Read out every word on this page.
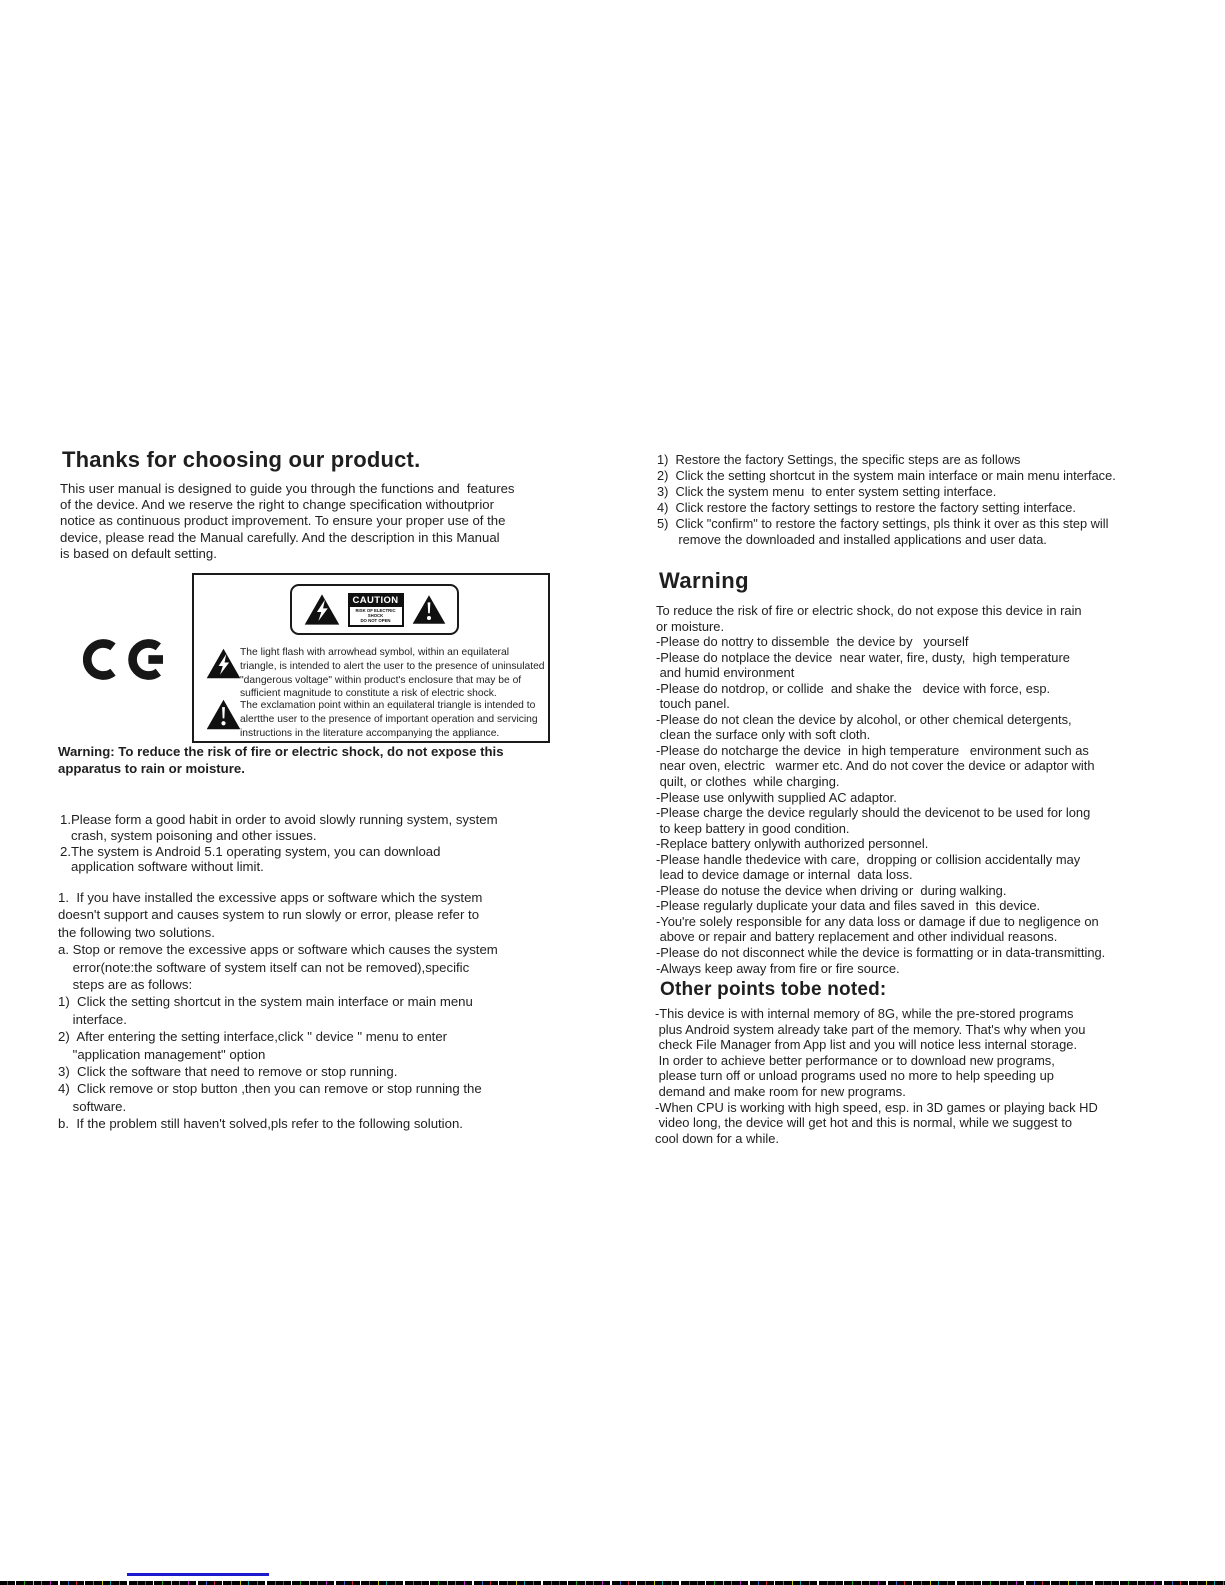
Thanks for choosing our product.
This user manual is designed to guide you through the functions and  features
of the device. And we reserve the right to change specification withoutprior
notice as continuous product improvement. To ensure your proper use of the
device, please read the Manual carefully. And the description in this Manual
is based on default setting.
CAUTION
RISK OF ELECTRIC SHOCK
DO NOT OPEN
The light flash with arrowhead symbol, within an equilateral
triangle, is intended to alert the user to the presence of uninsulated
"dangerous voltage" within product's enclosure that may be of
sufficient magnitude to constitute a risk of electric shock.
The exclamation point within an equilateral triangle is intended to
alertthe user to the presence of important operation and servicing
instructions in the literature accompanying the appliance.
Warning: To reduce the risk of fire or electric shock, do not expose this
apparatus to rain or moisture.
1.Please form a good habit in order to avoid slowly running system, system
crash, system poisoning and other issues.
2.The system is Android 5.1 operating system, you can download
application software without limit.
1.  If you have installed the excessive apps or software which the system
doesn't support and causes system to run slowly or error, please refer to
the following two solutions.
a. Stop or remove the excessive apps or software which causes the system
error(note:the software of system itself can not be removed),specific
steps are as follows:
1)  Click the setting shortcut in the system main interface or main menu
interface.
2)  After entering the setting interface,click " device " menu to enter
"application management" option
3)  Click the software that need to remove or stop running.
4)  Click remove or stop button ,then you can remove or stop running the
software.
b.  If the problem still haven't solved,pls refer to the following solution.
1)  Restore the factory Settings, the specific steps are as follows
2)  Click the setting shortcut in the system main interface or main menu interface.
3)  Click the system menu  to enter system setting interface.
4)  Click restore the factory settings to restore the factory setting interface.
5)  Click "confirm" to restore the factory settings, pls think it over as this step will
remove the downloaded and installed applications and user data.
Warning
To reduce the risk of fire or electric shock, do not expose this device in rain
or moisture.
-Please do nottry to dissemble  the device by   yourself
-Please do notplace the device  near water, fire, dusty,  high temperature
and humid environment
-Please do notdrop, or collide  and shake the   device with force, esp.
touch panel.
-Please do not clean the device by alcohol, or other chemical detergents,
clean the surface only with soft cloth.
-Please do notcharge the device  in high temperature   environment such as
near oven, electric   warmer etc. And do not cover the device or adaptor with
quilt, or clothes  while charging.
-Please use onlywith supplied AC adaptor.
-Please charge the device regularly should the devicenot to be used for long
to keep battery in good condition.
-Replace battery onlywith authorized personnel.
-Please handle thedevice with care,  dropping or collision accidentally may
lead to device damage or internal  data loss.
-Please do notuse the device when driving or  during walking.
-Please regularly duplicate your data and files saved in  this device.
-You're solely responsible for any data loss or damage if due to negligence on
above or repair and battery replacement and other individual reasons.
-Please do not disconnect while the device is formatting or in data-transmitting.
-Always keep away from fire or fire source.
Other points tobe noted:
-This device is with internal memory of 8G, while the pre-stored programs
plus Android system already take part of the memory. That's why when you
check File Manager from App list and you will notice less internal storage.
In order to achieve better performance or to download new programs,
please turn off or unload programs used no more to help speeding up
demand and make room for new programs.
-When CPU is working with high speed, esp. in 3D games or playing back HD
video long, the device will get hot and this is normal, while we suggest to
cool down for a while.
